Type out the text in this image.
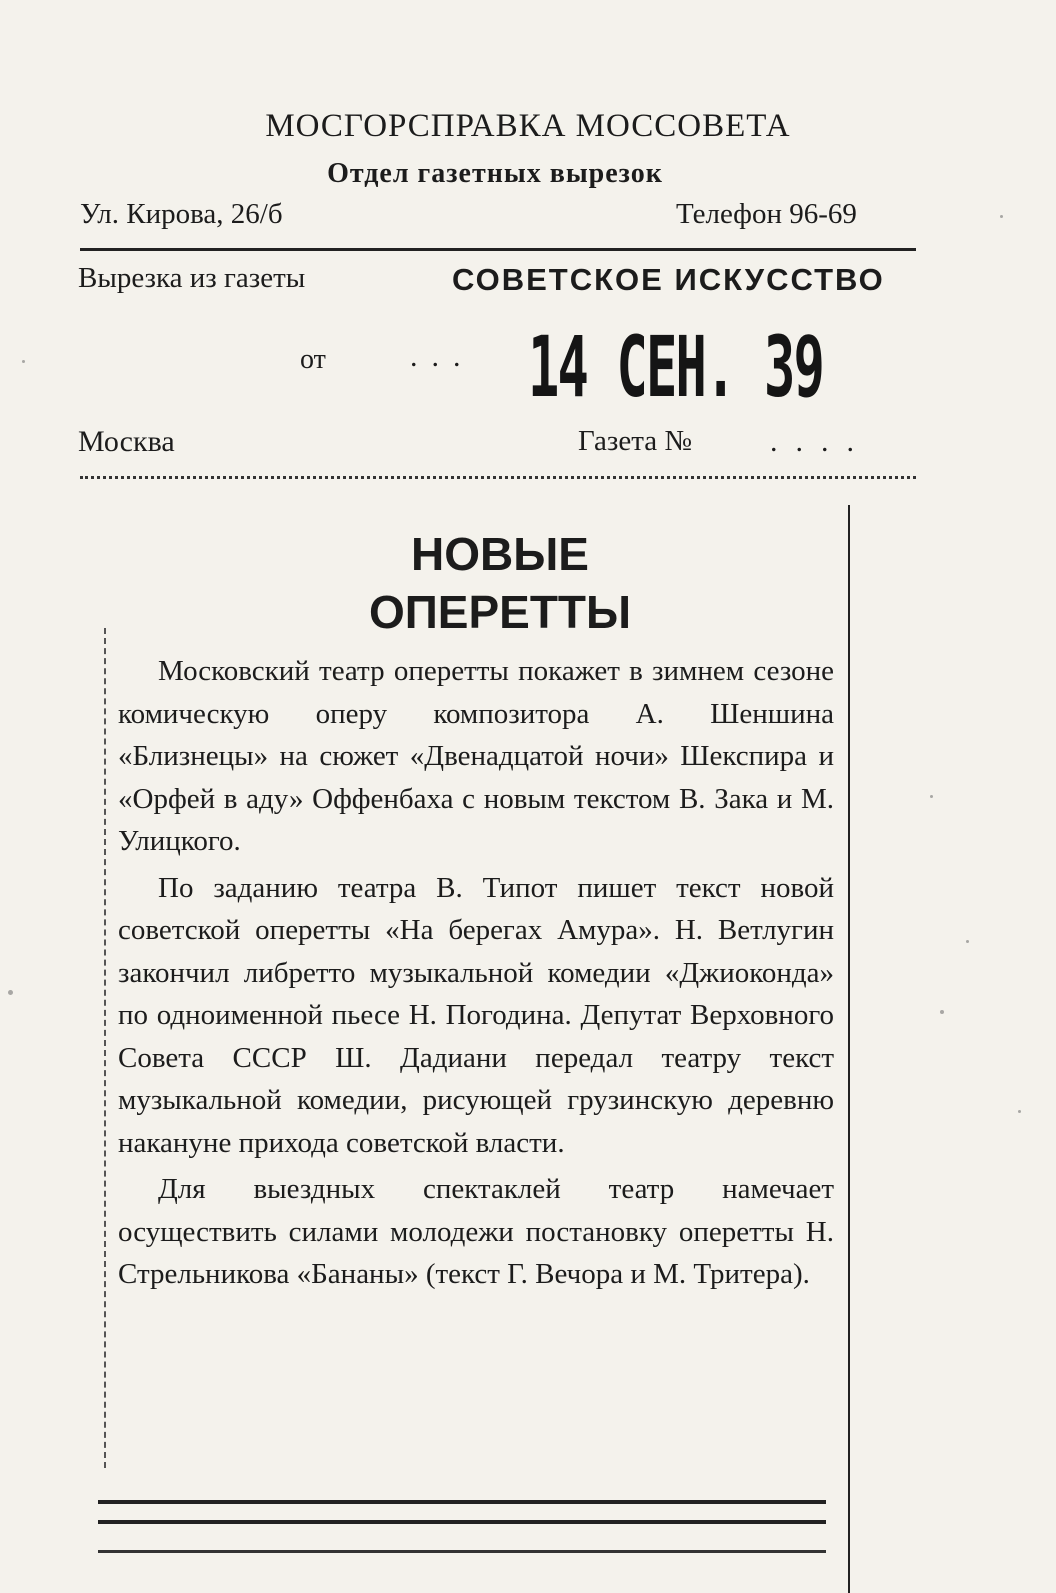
МОСГОРСПРАВКА МОССОВЕТА
Отдел газетных вырезок
Ул. Кирова, 26/б	Телефон 96-69
Вырезка из газеты	СОВЕТСКОЕ ИСКУССТВО
от	... 14 СЕН. 39
Москва	Газета №	....
НОВЫЕ
ОПЕРЕТТЫ

Московский театр оперетты покажет в зимнем сезоне комическую оперу композитора А. Шеншина «Близнецы» на сюжет «Двенадцатой ночи» Шекспира и «Орфей в аду» Оффенбаха с новым текстом В. Зака и М. Улицкого.

По заданию театра В. Типот пишет текст новой советской оперетты «На берегах Амура». Н. Ветлугин закончил либретто музыкальной комедии «Джиоконда» по одноименной пьесе Н. Погодина. Депутат Верховного Совета СССР Ш. Дадиани передал театру текст музыкальной комедии, рисующей грузинскую деревню накануне прихода советской власти.

Для выездных спектаклей театр намечает осуществить силами молодежи постановку оперетты Н. Стрельникова «Бананы» (текст Г. Вечора и М. Тритера).
